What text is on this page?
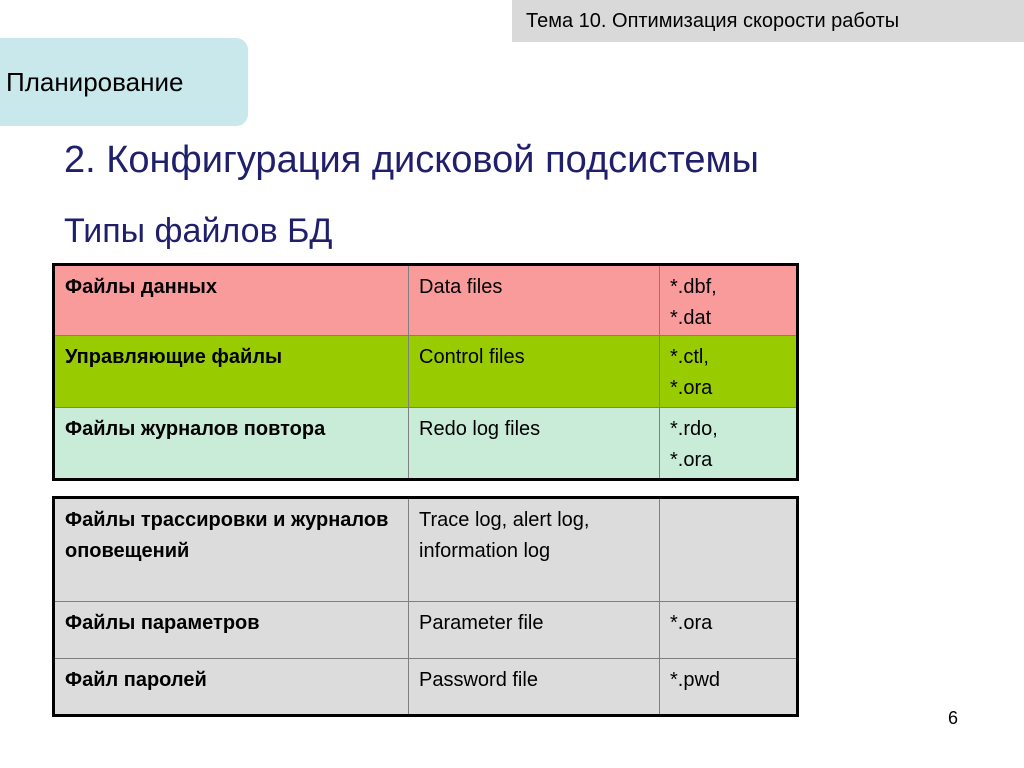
Тема 10. Оптимизация скорости работы
Планирование
2. Конфигурация дисковой подсистемы
Типы файлов БД
Файлы данных	Data files	*.dbf,
*.dat
Управляющие файлы	Control files	*.ctl,
*.ora
Файлы журналов повтора	Redo log files	*.rdo,
*.ora
Файлы трассировки и журналов оповещений	Trace log, alert log, information log	
Файлы параметров	Parameter file	*.ora
Файл паролей	Password file	*.pwd
6
